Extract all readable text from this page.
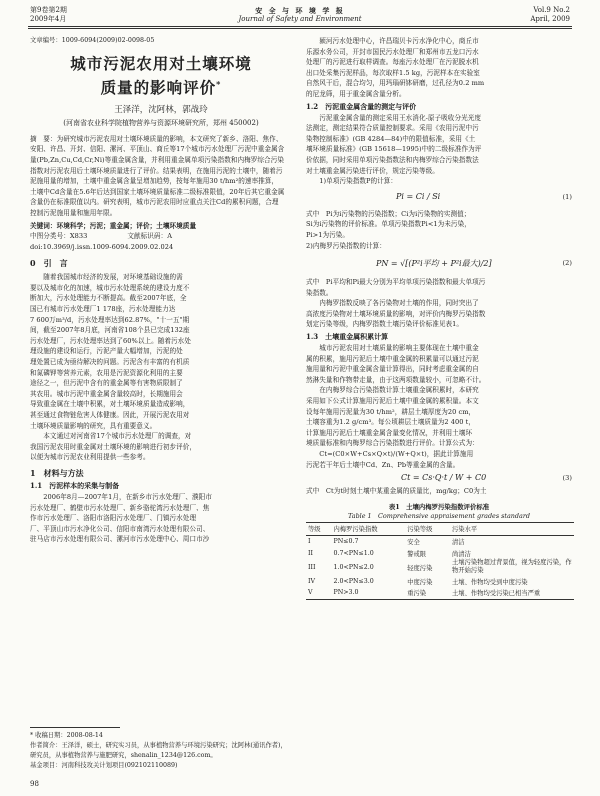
第9卷第2期
2009年4月
安 全 与 环 境 学 报
Journal of Safety and Environment
Vol.9 No.2
April, 2009
文章编号：1009-6094(2009)02-0098-05
城市污泥农用对土壤环境
质量的影响评价*
王泽洋，沈阿林，郭战玲
(河南省农业科学院植物营养与资源环境研究所，郑州 450002)
摘　要：为研究城市污泥农用对土壤环境质量的影响，本文研究了新乡、洛阳、焦作、
安阳、许昌、开封、信阳、漯河、平顶山、商丘等17个城市污水处理厂污泥中重金属含
量(Pb,Zn,Cu,Cd,Cr,Ni)等重金属含量，并利用重金属单项污染指数和内梅罗综合污染
指数对污泥农用后土壤环境质量进行了评价。结果表明，在施用污泥的土壤中，随着污
泥施用量的增加，土壤中重金属含量呈增加趋势，按每年施用30 t/hm²的速率推算，
土壤中Cd含量在5.6年后达到国家土壤环境质量标准二级标准限值，20年后其它重金属
含量仍在标准限值以内。研究表明，城市污泥农用时应重点关注Cd的累积问题，合理
控制污泥施用量和施用年限。
关键词：环境科学；污泥；重金属；评价；土壤环境质量
中图分类号：X833	文献标识码：A
doi:10.3969/j.issn.1009-6094.2009.02.024
0　引　言
　　随着我国城市经济的发展，对环境基础设施的需
要以及城市化的加速，城市污水处理系统的建设力度不
断加大，污水处理能力不断提高。截至2007年底，全
国已有城市污水处理厂1 178座，污水处理能力达
7 600万m³/d，污水处理率达到62.87%，"十一五"期
间，截至2007年8月底，河南省108个县已完成132座
污水处理厂，污水处理率达到了60%以上。随着污水处
理设施的建设和运行，污泥产量大幅增加，污泥的处
理处置已成为亟待解决的问题。污泥含有丰富的有机质
和氮磷钾等营养元素，农用是污泥资源化利用的主要
途径之一，但污泥中含有的重金属等有害物质限制了
其农用。城市污泥中重金属含量较高时，长期施用会
导致重金属在土壤中积累，对土壤环境质量造成影响，
甚至通过食物链危害人体健康。因此，开展污泥农用对
土壤环境质量影响的研究，具有重要意义。
　　本文通过对河南省17个城市污水处理厂的调查，对
我国污泥农用时重金属对土壤环境的影响进行初步评价，
以便为城市污泥农业利用提供一些参考。
1　材料与方法
1.1　污泥样本的采集与制备
　　2006年8月—2007年1月，在新乡市污水处理厂、濮阳市
污水处理厂、鹤壁市污水处理厂、新乡骆驼湾污水处理厂、焦
作市污水处理厂、洛阳市洛阳污水处理厂、门镇污水处理
厂、平顶山市污水净化公司、信阳市南湾污水处理有限公司、
驻马店市污水处理有限公司、漯河市污水处理中心、周口市沙
* 收稿日期：2008-08-14
作者简介：王泽洋，硕士，研究实习员，从事植物营养与环境污染研究；沈阿林(通讯作者)，研究员，从事植物营养与施肥研究，shenalin_1234@126.com。
基金项目：河南科技攻关计划项目(092102110089)
98
　　颍河污水处理中心，许昌瑞贝卡污水净化中心，商丘市
乐源水务公司，开封市国民污水处理厂和郑州市五龙口污水
处理厂的污泥进行取样调查。每座污水处理厂在污泥脱水机
出口处采集污泥样品，每次取样1.5 kg，污泥样本在实验室
自然风干后，混合均匀，用玛瑙研钵研磨，过孔径为0.2 mm
的尼龙筛，用于重金属含量分析。
1.2　污泥重金属含量的测定与评价
　　污泥重金属含量的测定采用王水消化-原子吸收分光光度
法测定，测定结果符合质量控制要求。采用《农用污泥中污
染物控制标准》(GB 4284—84)中的限值标准，采用《土
壤环境质量标准》(GB 15618—1995)中的二级标准作为评
价依据，同时采用单项污染指数法和内梅罗综合污染指数法
对土壤重金属污染进行评价，规定污染等级。
　　1)单项污染指数P的计算：
Pi = Ci / Si	(1)
式中　Pi为i污染物的污染指数；Ci为i污染物的实测值；
Si为i污染物的评价标准。单项污染指数Pi<1为未污染，
Pi>1为污染。
2)内梅罗污染指数的计算：
PN = √[(P²i平均 + P²i最大)/2]	(2)
式中　Pi平均和Pi最大分别为平均单项污染指数和最大单项污
染指数。
　　内梅罗指数反映了各污染物对土壤的作用，同时突出了
高浓度污染物对土壤环境质量的影响，对评价内梅罗污染指数
划定污染等级，内梅罗指数土壤污染评价标准见表1。
1.3　土壤重金属积累计算
　　城市污泥农用对土壤质量的影响主要体现在土壤中重金
属的积累，施用污泥后土壤中重金属的积累量可以通过污泥
施用量和污泥中重金属含量计算得出，同时考虑重金属的自
然淋失量和作物带走量，由于这两项数量较小，可忽略不计。
　　在内梅罗综合污染指数计算土壤重金属积累时，本研究
采用如下公式计算施用污泥后土壤中重金属的累积量。本文
设每年施用污泥量为30 t/hm²，耕层土壤厚度为20 cm，
土壤容重为1.2 g/cm³。每公顷耕层土壤质量为2 400 t，
计算施用污泥后土壤重金属含量变化情况，并利用土壤环
境质量标准和内梅罗综合污染指数进行评价。计算公式为：
　　Ct=(C0×W+Cs×Q×t)/(W+Q×t)，据此计算施用
污泥若干年后土壤中Cd、Zn、Pb等重金属的含量。
Ct = Cs·Q·t / W + C0	(3)
式中　Ct为t时刻土壤中某重金属的质量比，mg/kg；C0为土
表1　土壤内梅罗污染指数评价标准
Table 1　Comprehensive appraisement grades standard
等级	内梅罗污染指数	污染等级	污染水平
I	PN≤0.7	安全	清洁
II	0.7<PN≤1.0	警戒限	尚清洁
III	1.0<PN≤2.0	轻度污染	土壤污染物超过背景值，视为轻度污染，作物开始污染
IV	2.0<PN≤3.0	中度污染	土壤、作物均受到中度污染
V	PN>3.0	重污染	土壤、作物均受污染已相当严重
